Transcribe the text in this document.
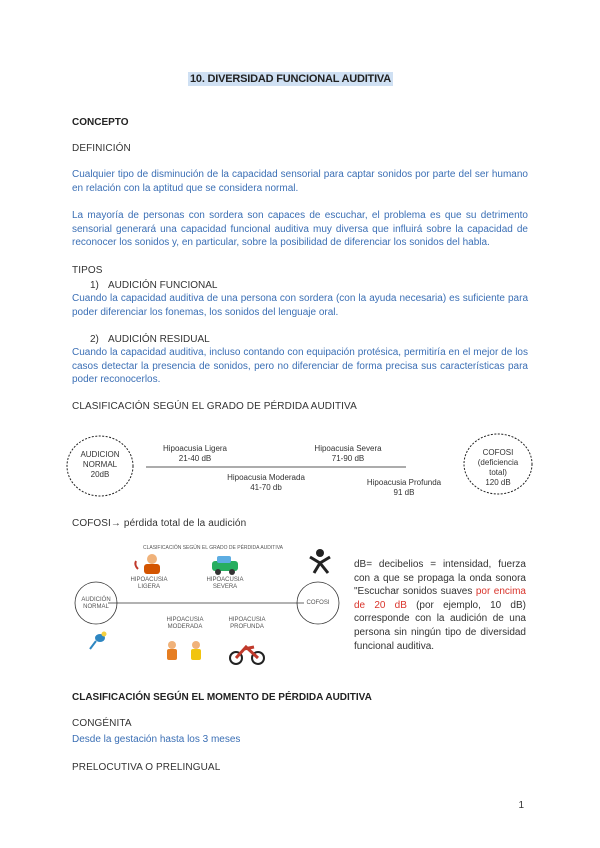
10. DIVERSIDAD FUNCIONAL AUDITIVA
CONCEPTO
DEFINICIÓN
Cualquier tipo de disminución de la capacidad sensorial para captar sonidos por parte del ser humano en relación con la aptitud que se considera normal.
La mayoría de personas con sordera son capaces de escuchar, el problema es que su detrimento sensorial generará una capacidad funcional auditiva muy diversa que influirá sobre la capacidad de reconocer los sonidos y, en particular, sobre la posibilidad de diferenciar los sonidos del habla.
TIPOS
1) AUDICIÓN FUNCIONAL
Cuando la capacidad auditiva de una persona con sordera (con la ayuda necesaria) es suficiente para poder diferenciar los fonemas, los sonidos del lenguaje oral.
2) AUDICIÓN RESIDUAL
Cuando la capacidad auditiva, incluso contando con equipación protésica, permitiría en el mejor de los casos detectar la presencia de sonidos, pero no diferenciar de forma precisa sus características para poder reconocerlos.
CLASIFICACIÓN SEGÚN EL GRADO DE PÉRDIDA AUDITIVA
AUDICION
NORMAL
20dB
COFOSI
(deficiencia
total)
120 dB
Hipoacusia Ligera
21-40 dB
Hipoacusia Severa
71-90 dB
Hipoacusia Moderada
41-70 db
Hipoacusia Profunda
91 dB
COFOSI→ pérdida total de la audición
CLASIFICACIÓN SEGÚN EL GRADO DE PÉRDIDA AUDITIVA
HIPOACUSIA
LIGERA
HIPOACUSIA
SEVERA
AUDICIÓN
NORMAL
COFOSI
HIPOACUSIA
MODERADA
HIPOACUSIA
PROFUNDA
dB= decibelios = intensidad, fuerza con a que se propaga la onda sonora "Escuchar sonidos suaves por encima de 20 dB (por ejemplo, 10 dB) corresponde con la audición de una persona sin ningún tipo de diversidad funcional auditiva.
CLASIFICACIÓN SEGÚN EL MOMENTO DE PÉRDIDA AUDITIVA
CONGÉNITA
Desde la gestación hasta los 3 meses
PRELOCUTIVA O PRELINGUAL
1
